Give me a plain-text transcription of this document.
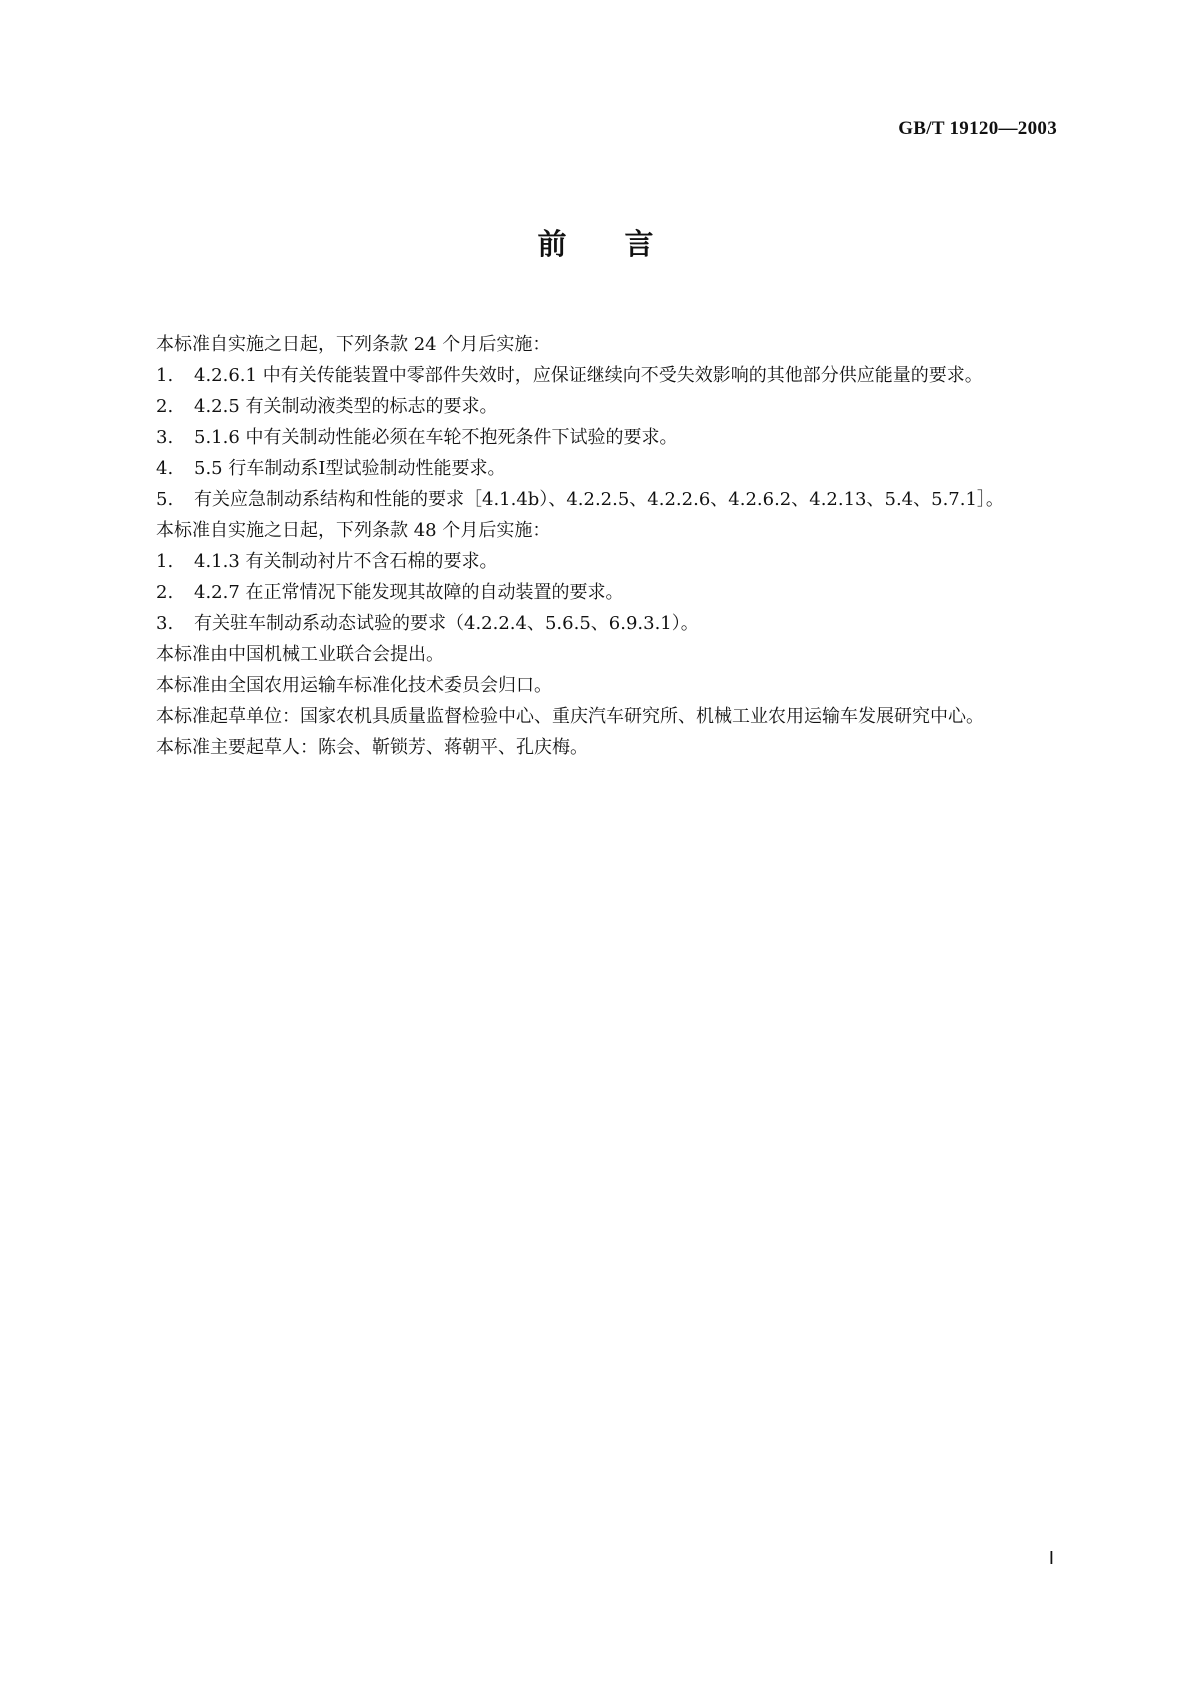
GB/T 19120—2003
前 言

本标准自实施之日起，下列条款 24 个月后实施：

1. 4.2.6.1 中有关传能装置中零部件失效时，应保证继续向不受失效影响的其他部分供应能量的要求。

2. 4.2.5 有关制动液类型的标志的要求。

3. 5.1.6 中有关制动性能必须在车轮不抱死条件下试验的要求。

4. 5.5 行车制动系Ⅰ型试验制动性能要求。

5. 有关应急制动系结构和性能的要求［4.1.4b）、4.2.2.5、4.2.2.6、4.2.6.2、4.2.13、5.4、5.7.1］。

本标准自实施之日起，下列条款 48 个月后实施：

1. 4.1.3 有关制动衬片不含石棉的要求。

2. 4.2.7 在正常情况下能发现其故障的自动装置的要求。

3. 有关驻车制动系动态试验的要求（4.2.2.4、5.6.5、6.9.3.1）。

本标准由中国机械工业联合会提出。

本标准由全国农用运输车标准化技术委员会归口。

本标准起草单位：国家农机具质量监督检验中心、重庆汽车研究所、机械工业农用运输车发展研究中心。

本标准主要起草人：陈会、靳锁芳、蒋朝平、孔庆梅。

Ⅰ
